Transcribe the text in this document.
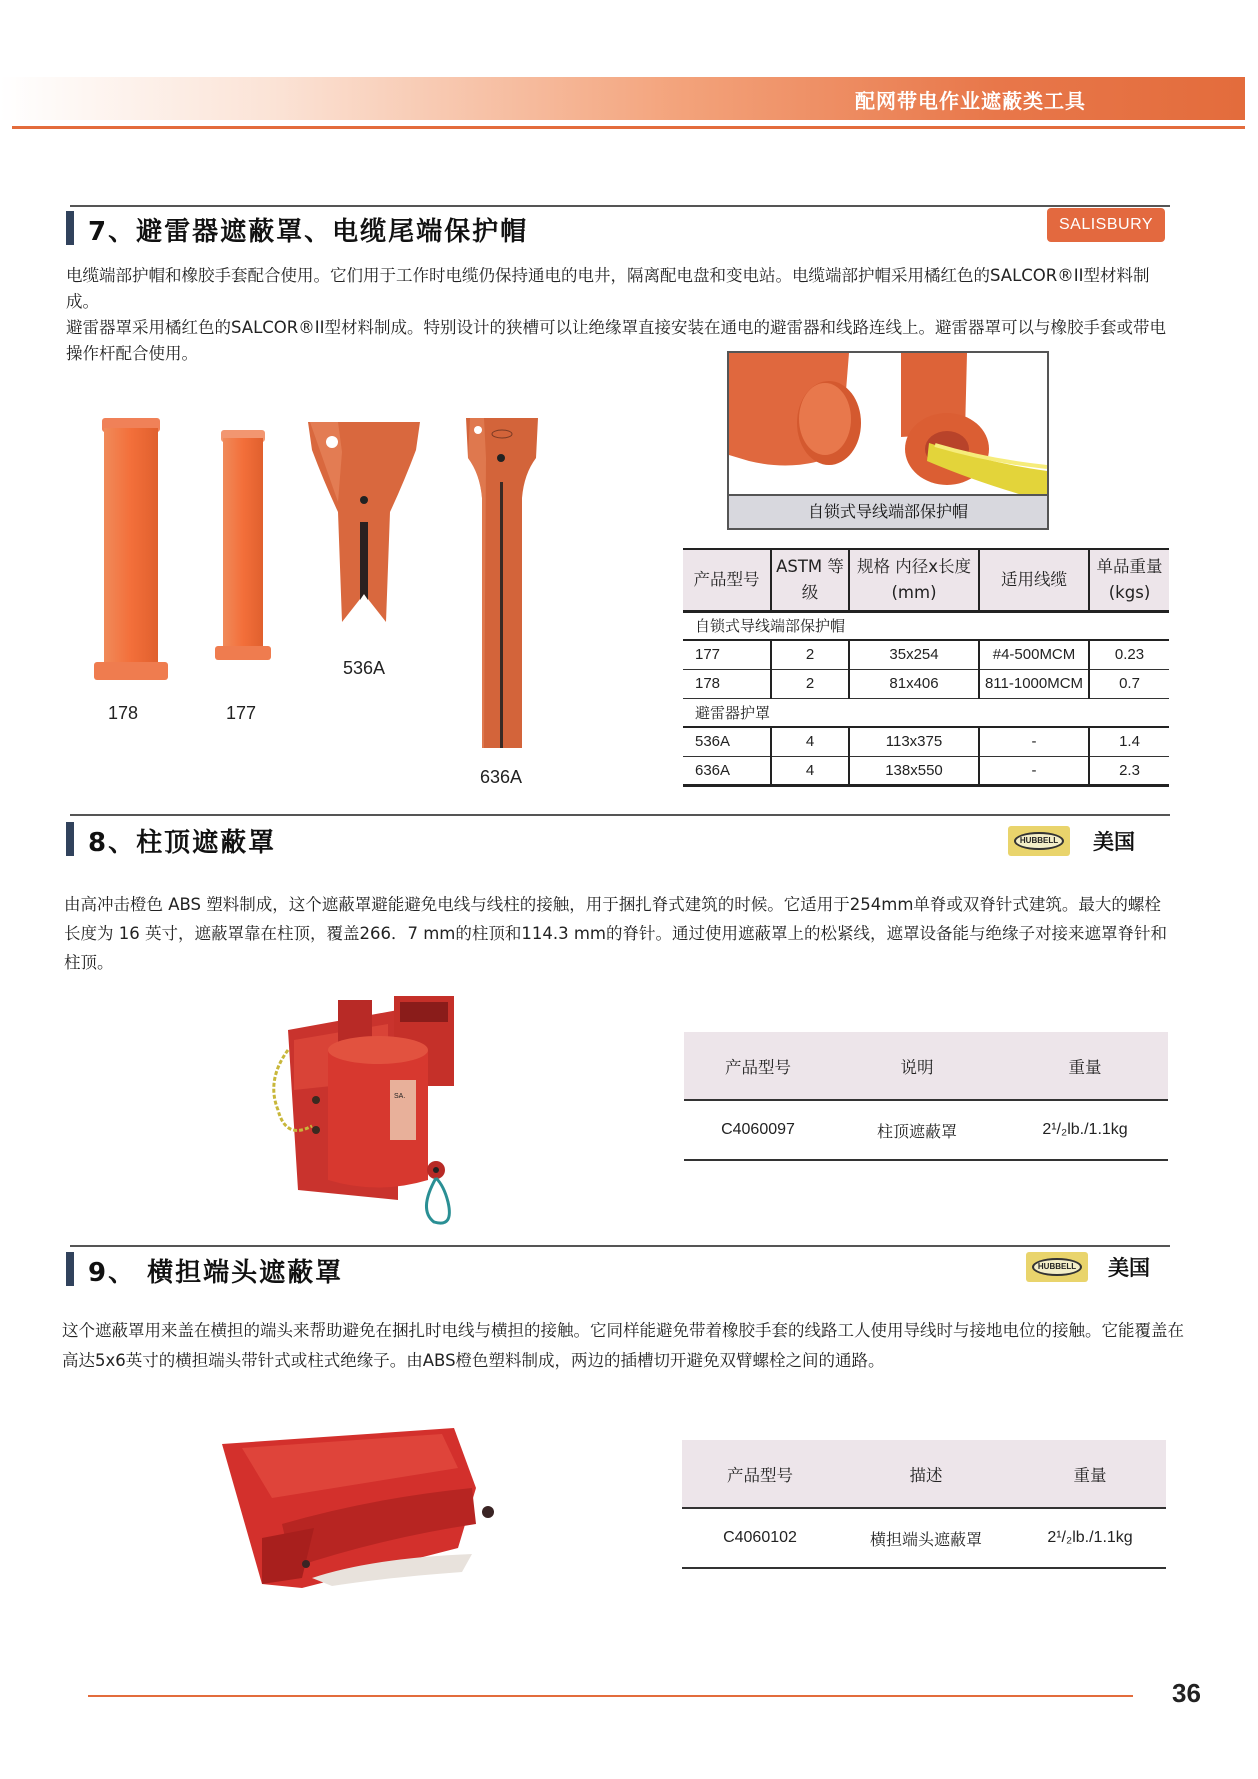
配网带电作业遮蔽类工具
7、避雷器遮蔽罩、电缆尾端保护帽	SALISBURY

电缆端部护帽和橡胶手套配合使用。它们用于工作时电缆仍保持通电的电井，隔离配电盘和变电站。电缆端部护帽采用橘红色的SALCOR®II型材料制成。

避雷器罩采用橘红色的SALCOR®II型材料制成。特别设计的狭槽可以让绝缘罩直接安装在通电的避雷器和线路连线上。避雷器罩可以与橡胶手套或带电操作杆配合使用。

178	177
536A
636A
自锁式导线端部保护帽
产品型号	ASTM 等级	规格 内径x长度 (mm)	适用线缆	单品重量 (kgs)
自锁式导线端部保护帽				
177	2	35x254	#4-500MCM	0.23
178	2	81x406	811-1000MCM	0.7
避雷器护罩				
536A	4	113x375	-	1.4
636A	4	138x550	-	2.3
8、柱顶遮蔽罩	HUBBELL 美国
由高冲击橙色 ABS 塑料制成，这个遮蔽罩避能避免电线与线柱的接触，用于捆扎脊式建筑的时候。它适用于254mm单脊或双脊针式建筑。最大的螺栓长度为 16 英寸，遮蔽罩靠在柱顶，覆盖266．7 mm的柱顶和114.3 mm的脊针。通过使用遮蔽罩上的松紧线，遮罩设备能与绝缘子对接来遮罩脊针和柱顶。
SA.
产品型号	说明	重量
C4060097	柱顶遮蔽罩	2¹/₂lb./1.1kg
9、 横担端头遮蔽罩	HUBBELL 美国
这个遮蔽罩用来盖在横担的端头来帮助避免在捆扎时电线与横担的接触。它同样能避免带着橡胶手套的线路工人使用导线时与接地电位的接触。它能覆盖在高达5x6英寸的横担端头带针式或柱式绝缘子。由ABS橙色塑料制成，两边的插槽切开避免双臂螺栓之间的通路。
产品型号	描述	重量
C4060102	横担端头遮蔽罩	2¹/₂lb./1.1kg
36
